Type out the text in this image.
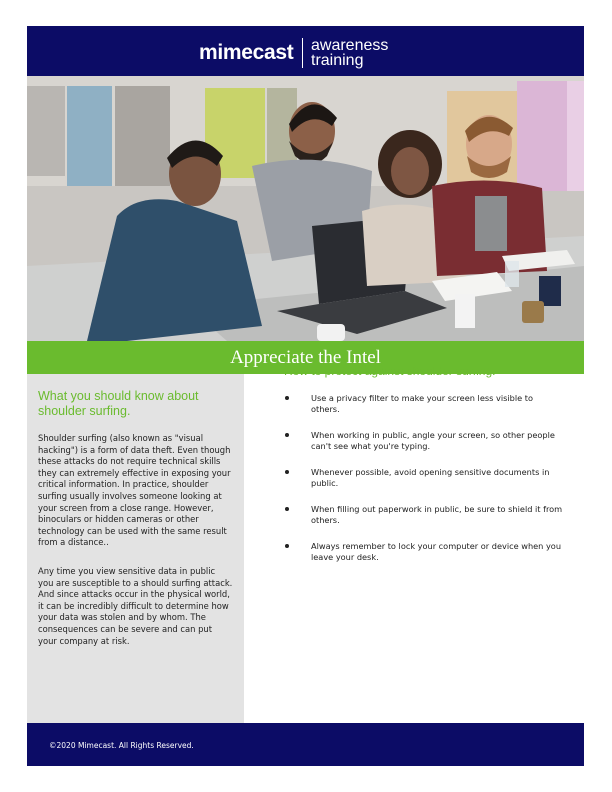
mimecast awareness
training
Appreciate the Intel
What you should know about shoulder surfing.

Shoulder surfing (also known as "visual hacking") is a form of data theft. Even though these attacks do not require technical skills they can extremely effective in exposing your critical information. In practice, shoulder surfing usually involves someone looking at your screen from a close range. However, binoculars or hidden cameras or other technology can be used with the same result from a distance..

Any time you view sensitive data in public you are susceptible to a should surfing attack. And since attacks occur in the physical world, it can be incredibly difficult to determine how your data was stolen and by whom. The consequences can be severe and can put your company at risk.

How to protect against shoulder surfing:
Use a privacy filter to make your screen less visible to others.
When working in public, angle your screen, so other people can't see what you're typing.
Whenever possible, avoid opening sensitive documents in public.
When filling out paperwork in public, be sure to shield it from others.
Always remember to lock your computer or device when you leave your desk.
©2020 Mimecast. All Rights Reserved.
